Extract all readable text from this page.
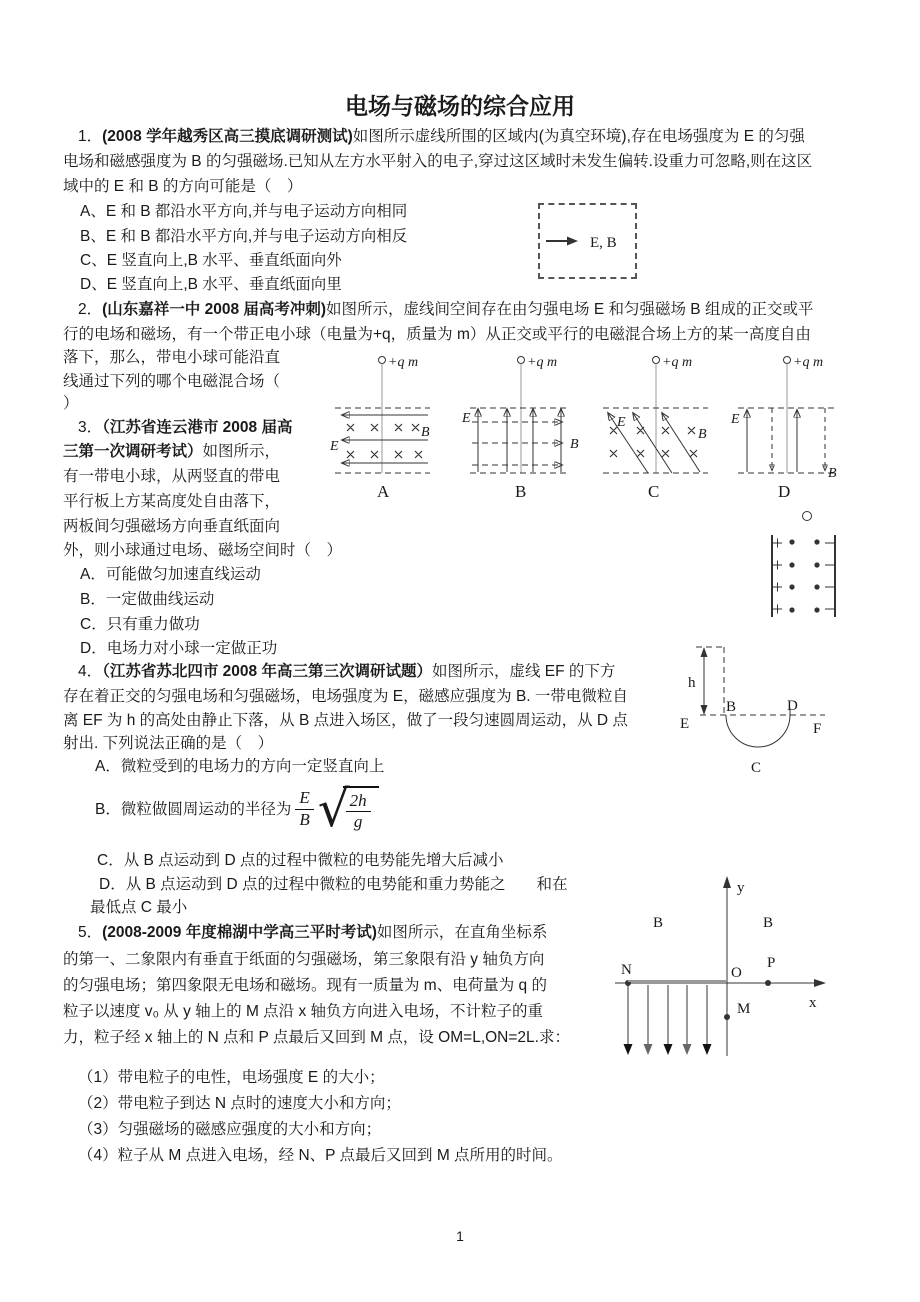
电场与磁场的综合应用
1．(2008 学年越秀区高三摸底调研测试)如图所示虚线所围的区域内(为真空环境),存在电场强度为 E 的匀强
电场和磁感强度为 B 的匀强磁场.已知从左方水平射入的电子,穿过这区域时未发生偏转.设重力可忽略,则在这区
域中的 E 和 B 的方向可能是（　）
A、E 和 B 都沿水平方向,并与电子运动方向相同
B、E 和 B 都沿水平方向,并与电子运动方向相反
C、E 竖直向上,B 水平、垂直纸面向外
D、E 竖直向上,B 水平、垂直纸面向里
E, B
2．(山东嘉祥一中 2008 届高考冲刺)如图所示，虚线间空间存在由匀强电场 E 和匀强磁场 B 组成的正交或平
行的电场和磁场，有一个带正电小球（电量为+q，质量为 m）从正交或平行的电磁混合场上方的某一高度自由
落下，那么，带电小球可能沿直
线通过下列的哪个电磁混合场（
）
+q m
E
B
A
+q m
E
B
B
+q m
E
B
C
+q m
E
B
D
3．（江苏省连云港市 2008 届高
三第一次调研考试）如图所示，
有一带电小球，从两竖直的带电
平行板上方某高度处自由落下，
两板间匀强磁场方向垂直纸面向
外，则小球通过电场、磁场空间时（　）
A．可能做匀加速直线运动
B．一定做曲线运动
C．只有重力做功
D．电场力对小球一定做正功
4．（江苏省苏北四市 2008 年高三第三次调研试题）如图所示，虚线 EF 的下方
存在着正交的匀强电场和匀强磁场，电场强度为 E，磁感应强度为 B. 一带电微粒自
离 EF 为 h 的高处由静止下落，从 B 点进入场区，做了一段匀速圆周运动，从 D 点
射出. 下列说法正确的是（　）
A．微粒受到的电场力的方向一定竖直向上
B．微粒做圆周运动的半径为 $\frac{E}{B}$ √
$\frac{2h}{g}$
C．从 B 点运动到 D 点的过程中微粒的电势能先增大后减小
D．从 B 点运动到 D 点的过程中微粒的电势能和重力势能之　　和在
最低点 C 最小
h
E	F
B	D
C
5．(2008-2009 年度棉湖中学高三平时考试)如图所示，在直角坐标系
的第一、二象限内有垂直于纸面的匀强磁场，第三象限有沿 y 轴负方向
的匀强电场；第四象限无电场和磁场。现有一质量为 m、电荷量为 q 的
粒子以速度 v₀ 从 y 轴上的 M 点沿 x 轴负方向进入电场，不计粒子的重
力，粒子经 x 轴上的 N 点和 P 点最后又回到 M 点，设 OM=L,ON=2L.求：
（1）带电粒子的电性，电场强度 E 的大小；
（2）带电粒子到达 N 点时的速度大小和方向；
（3）匀强磁场的磁感应强度的大小和方向；
（4）粒子从 M 点进入电场，经 N、P 点最后又回到 M 点所用的时间。
y
x
B	B
N	O
P
M
1
